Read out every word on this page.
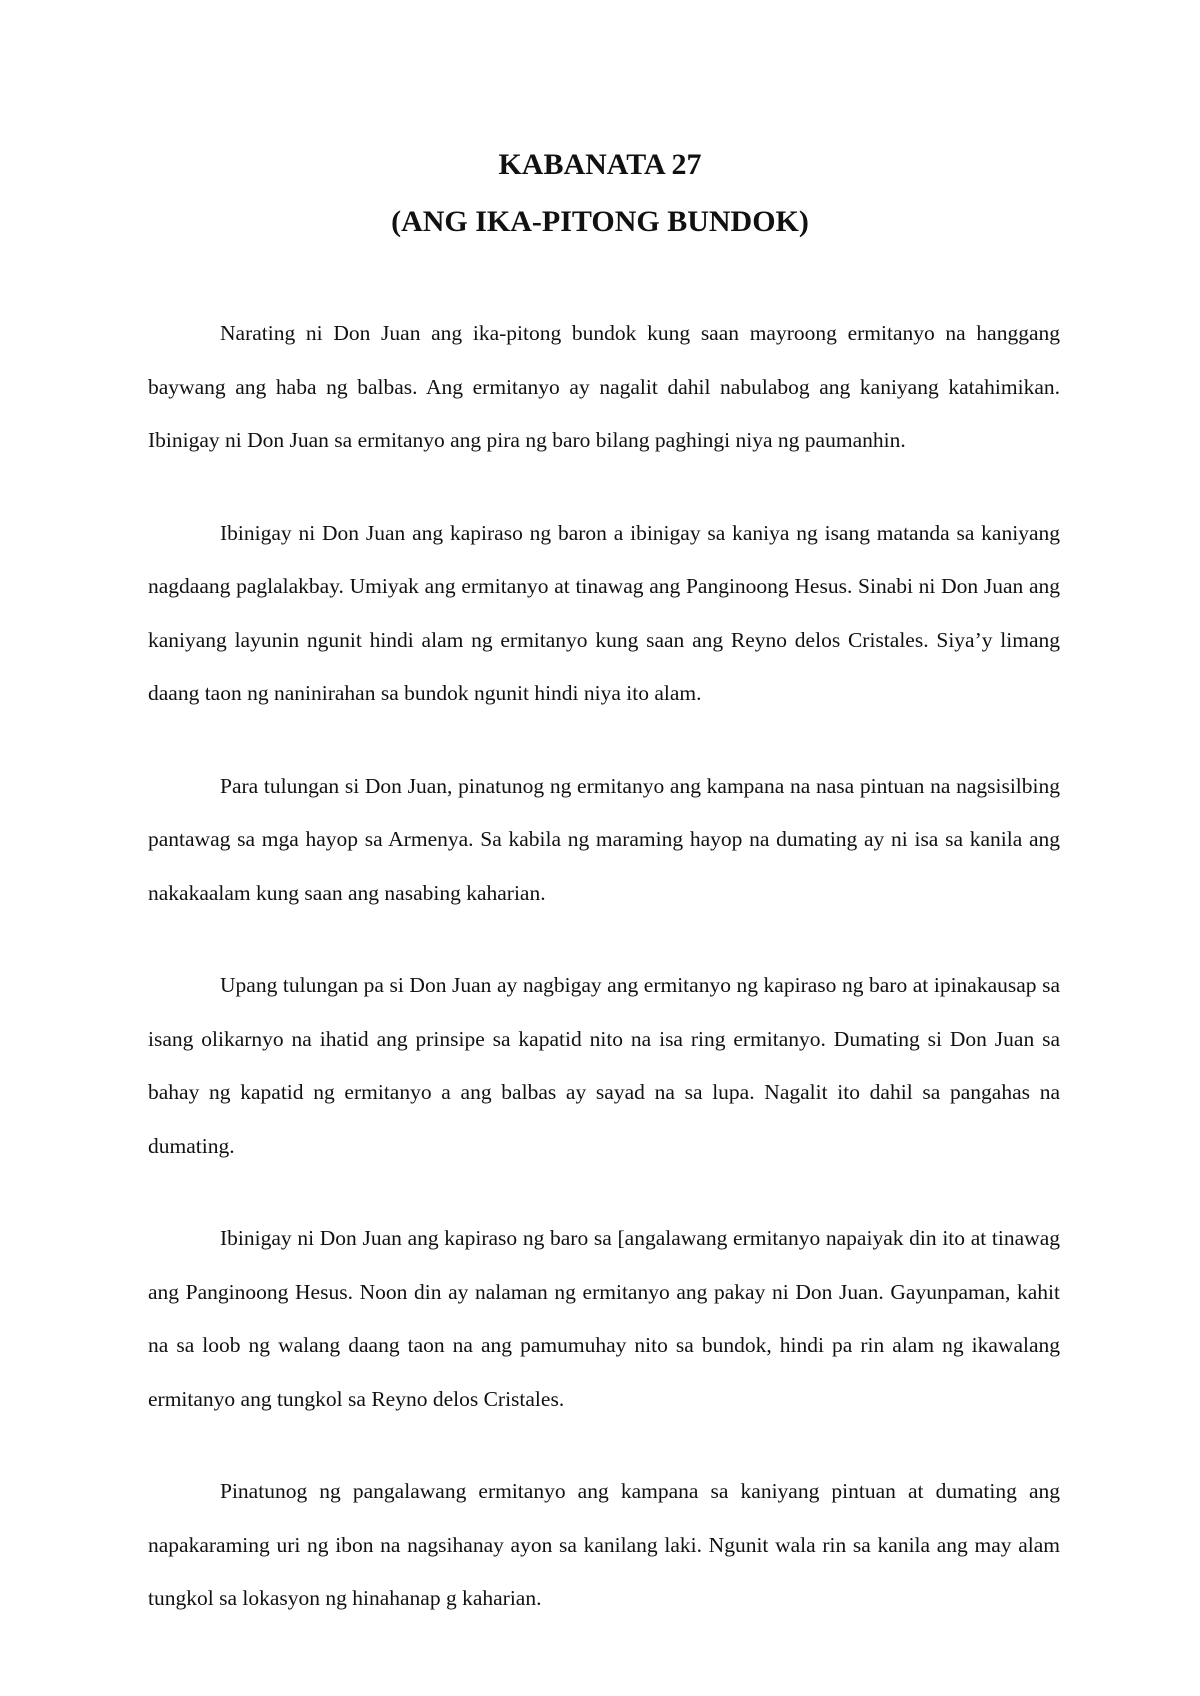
KABANATA 27
(ANG IKA-PITONG BUNDOK)

Narating ni Don Juan ang ika-pitong bundok kung saan mayroong ermitanyo na hanggang baywang ang haba ng balbas. Ang ermitanyo ay nagalit dahil nabulabog ang kaniyang katahimikan. Ibinigay ni Don Juan sa ermitanyo ang pira ng baro bilang paghingi niya ng paumanhin.

Ibinigay ni Don Juan ang kapiraso ng baron a ibinigay sa kaniya ng isang matanda sa kaniyang nagdaang paglalakbay. Umiyak ang ermitanyo at tinawag ang Panginoong Hesus. Sinabi ni Don Juan ang kaniyang layunin ngunit hindi alam ng ermitanyo kung saan ang Reyno delos Cristales. Siya’y limang daang taon ng naninirahan sa bundok ngunit hindi niya ito alam.

Para tulungan si Don Juan, pinatunog ng ermitanyo ang kampana na nasa pintuan na nagsisilbing pantawag sa mga hayop sa Armenya. Sa kabila ng maraming hayop na dumating ay ni isa sa kanila ang nakakaalam kung saan ang nasabing kaharian.

Upang tulungan pa si Don Juan ay nagbigay ang ermitanyo ng kapiraso ng baro at ipinakausap sa isang olikarnyo na ihatid ang prinsipe sa kapatid nito na isa ring ermitanyo. Dumating si Don Juan sa bahay ng kapatid ng ermitanyo a ang balbas ay sayad na sa lupa. Nagalit ito dahil sa pangahas na dumating.

Ibinigay ni Don Juan ang kapiraso ng baro sa [angalawang ermitanyo napaiyak din ito at tinawag ang Panginoong Hesus. Noon din ay nalaman ng ermitanyo ang pakay ni Don Juan. Gayunpaman, kahit na sa loob ng walang daang taon na ang pamumuhay nito sa bundok, hindi pa rin alam ng ikawalang ermitanyo ang tungkol sa Reyno delos Cristales.

Pinatunog ng pangalawang ermitanyo ang kampana sa kaniyang pintuan at dumating ang napakaraming uri ng ibon na nagsihanay ayon sa kanilang laki. Ngunit wala rin sa kanila ang may alam tungkol sa lokasyon ng hinahanap g kaharian.
